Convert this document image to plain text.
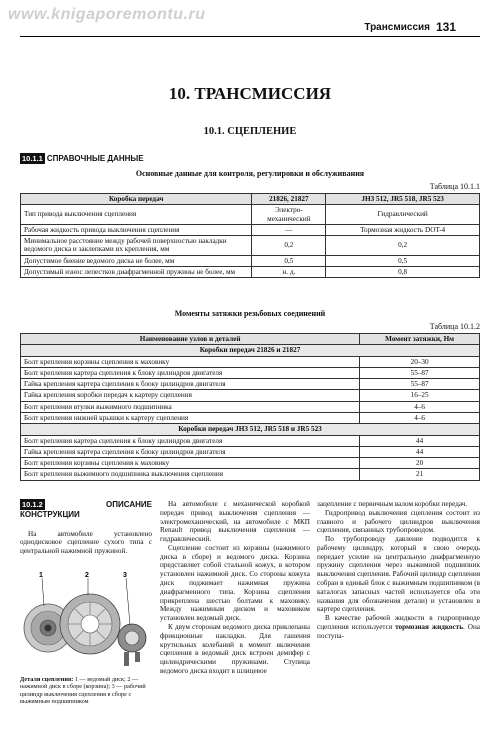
www.knigaporemontu.ru
Трансмиссия 131
10. ТРАНСМИССИЯ
10.1. СЦЕПЛЕНИЕ
10.1.1 СПРАВОЧНЫЕ ДАННЫЕ
Основные данные для контроля, регулировки и обслуживания
Таблица 10.1.1
Коробка передач	21826, 21827	JH3 512, JR5 518, JR5 523
Тип привода выключения сцепления	Электро-механический	Гидравлический
Рабочая жидкость привода выключения сцепления	—	Тормозная жидкость DOT-4
Минимальное расстояние между рабочей поверхностью накладки ведомого диска и заклепками их крепления, мм	0,2	0,2
Допустимое биение ведомого диска не более, мм	0,5	0,5
Допустимый износ лепестков диафрагменной пружины не более, мм	н. д.	0,8
Моменты затяжки резьбовых соединений
Таблица 10.1.2
Наименование узлов и деталей	Момент затяжки, Нм
Коробки передач 21826 и 21827	
Болт крепления корзины сцепления к маховику	20–30
Болт крепления картера сцепления к блоку цилиндров двигателя	55–87
Гайка крепления картера сцепления к блоку цилиндров двигателя	55–87
Гайка крепления коробки передач к картеру сцепления	16–25
Болт крепления втулки выжимного подшипника	4–6
Болт крепления нижней крышки к картеру сцепления	4–6
Коробки передач JH3 512, JR5 518 и JR5 523	
Болт крепления картера сцепления к блоку цилиндров двигателя	44
Гайка крепления картера сцепления к блоку цилиндров двигателя	44
Болт крепления корзины сцепления к маховику	20
Болт крепления выжимного подшипника выключения сцепления	21
10.1.2	ОПИСАНИЕ КОНСТРУКЦИИ

На автомобиле установлено однодисковое сцепление сухого типа с центральной нажимной пружиной.

1	2	3
Детали сцепления: 1 — ведомый диск; 2 — нажимной диск в сборе (корзина); 3 — рабочий цилиндр выключения сцепления в сборе с выжимным подшипником

На автомобиле с механической коробкой передач привод выключения сцепления — электромеханический, на автомобиле с МКП Renault привод выключения сцепления — гидравлический.

Сцепление состоит из корзины (нажимного диска в сборе) и ведомого диска. Корзина представляет собой стальной кожух, в котором установлен нажимной диск. Со стороны кожуха диск поджимает нажимная пружина диафрагменного типа. Корзина сцепления прикреплена шестью болтами к маховику. Между нажимным диском и маховиком установлен ведомый диск.

К двум сторонам ведомого диска приклепаны фрикционные накладки. Для гашения крутильных колебаний в момент включения сцепления в ведомый диск встроен демпфер с цилиндрическими пружинами. Ступица ведомого диска входит в шлицевое

зацепление с первичным валом коробки передач.

Гидропривод выключения сцепления состоит из главного и рабочего цилиндров выключения сцепления, связанных трубопроводом.

По трубопроводу давление подводится к рабочему цилиндру, который в свою очередь передает усилие на центральную диафрагменную пружину сцепления через выжимной подшипник выключения сцепления. Рабочий цилиндр сцепления собран в единый блок с выжимным подшипником (в каталогах запасных частей используется оба эти названия для обозначения детали) и установлен в картере сцепления.

В качестве рабочей жидкости в гидроприводе сцепления используется тормозная жидкость. Она поступа-
